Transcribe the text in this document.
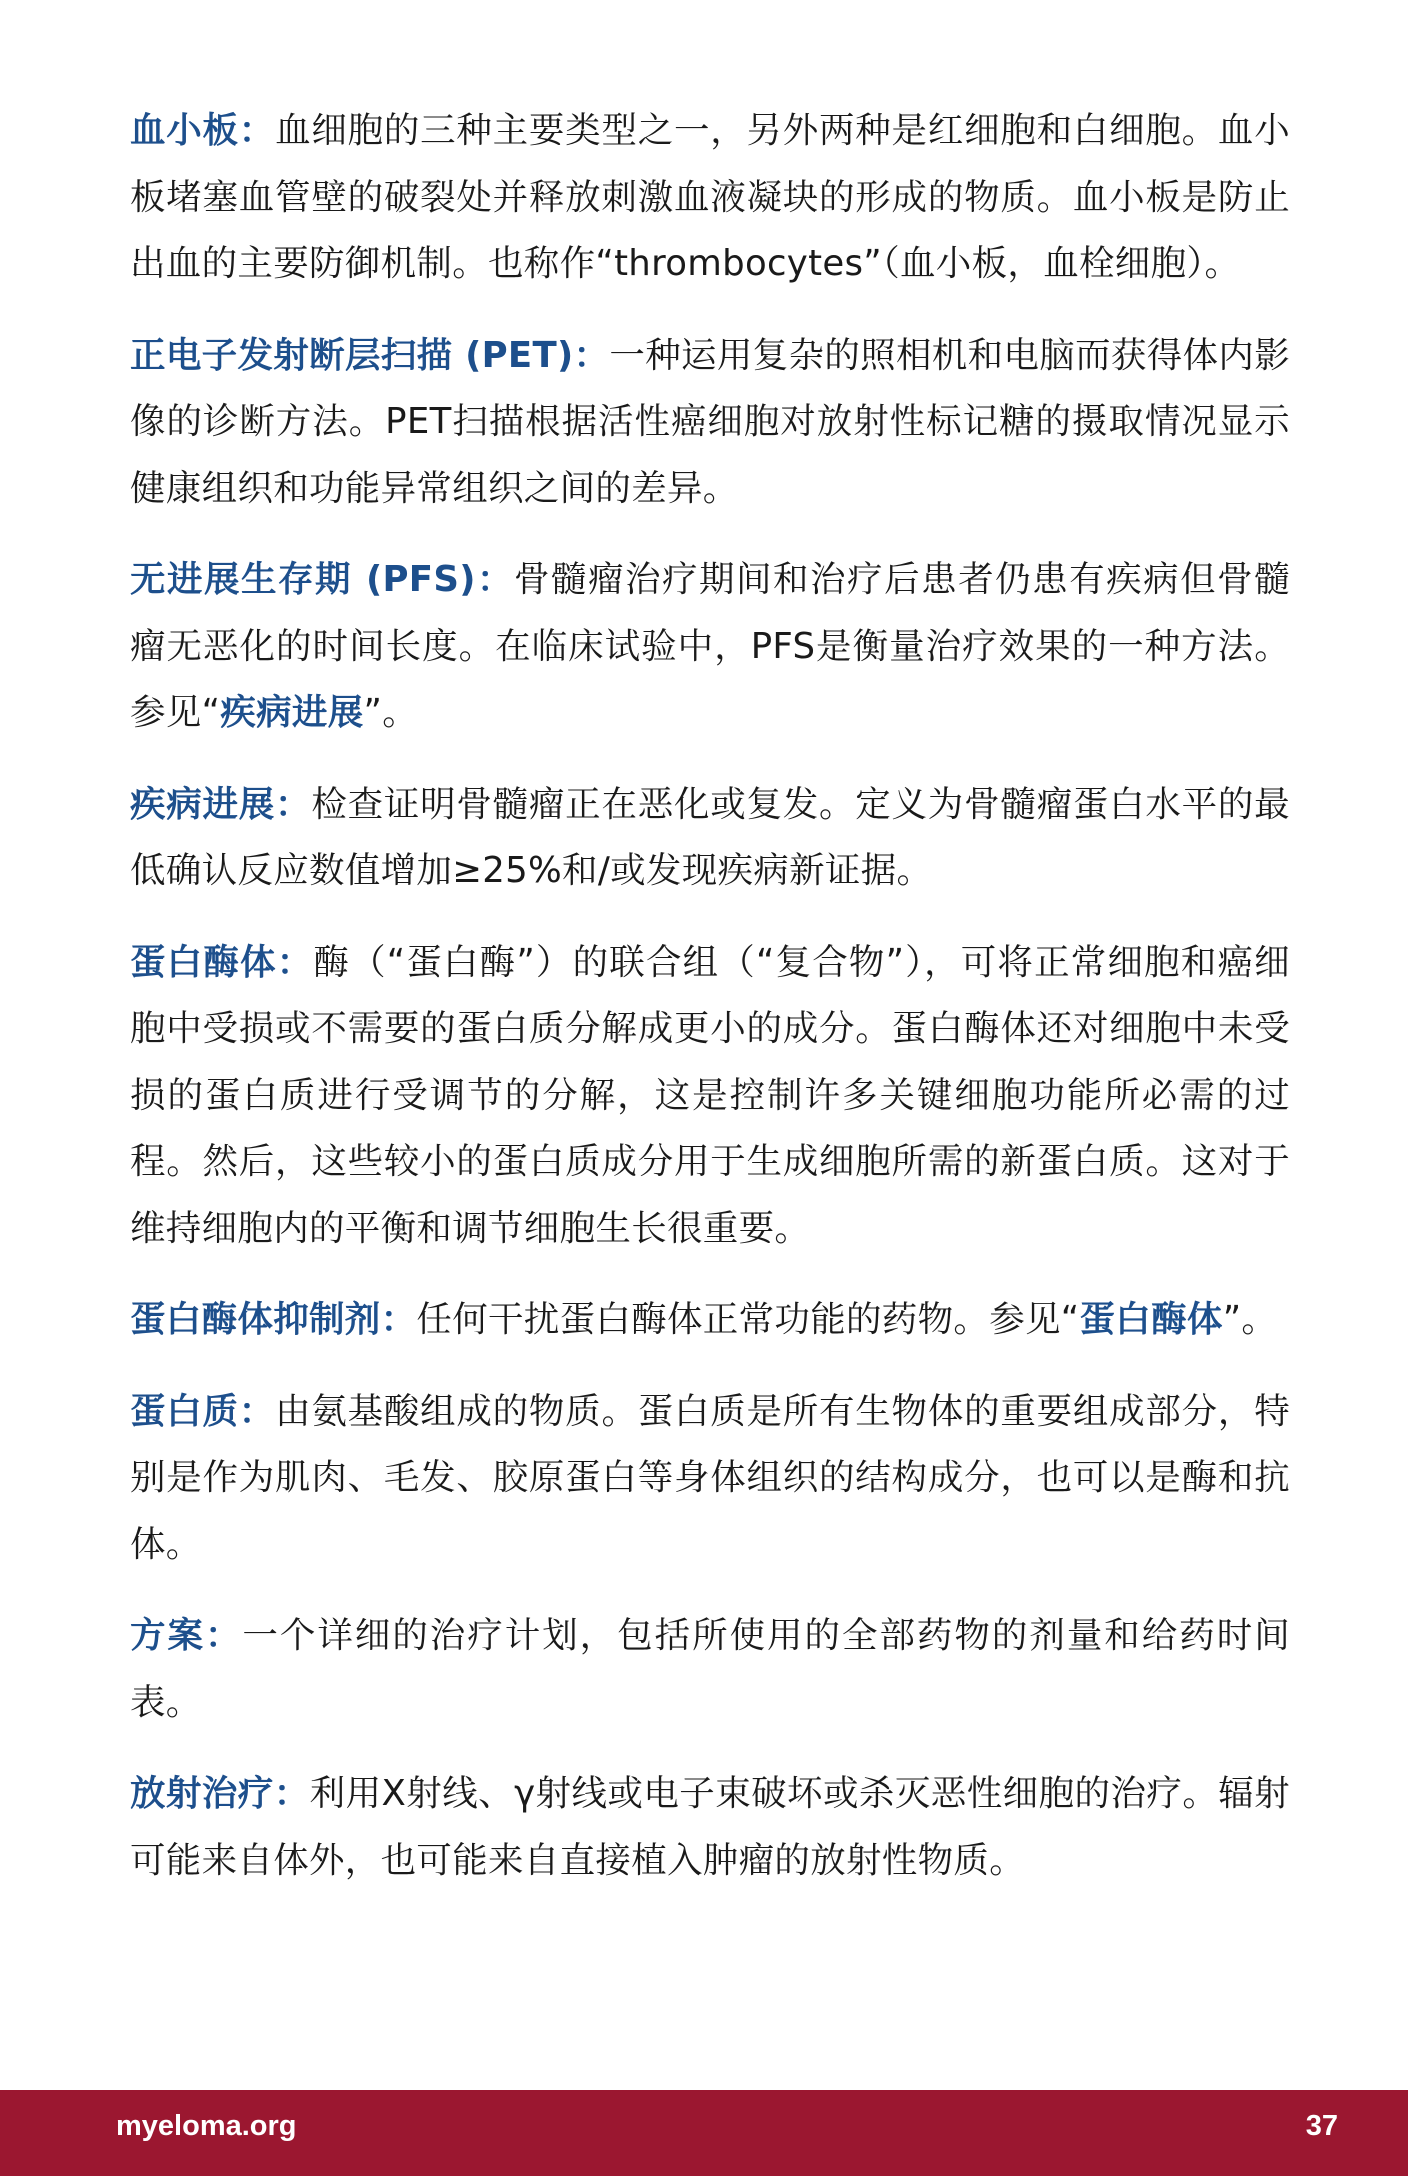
血小板：血细胞的三种主要类型之一，另外两种是红细胞和白细胞。血小板堵塞血管壁的破裂处并释放刺激血液凝块的形成的物质。血小板是防止出血的主要防御机制。也称作“thrombocytes”（血小板，血栓细胞）。

正电子发射断层扫描 (PET)：一种运用复杂的照相机和电脑而获得体内影像的诊断方法。PET扫描根据活性癌细胞对放射性标记糖的摄取情况显示健康组织和功能异常组织之间的差异。

无进展生存期 (PFS)：骨髓瘤治疗期间和治疗后患者仍患有疾病但骨髓瘤无恶化的时间长度。在临床试验中，PFS是衡量治疗效果的一种方法。参见“疾病进展”。

疾病进展：检查证明骨髓瘤正在恶化或复发。定义为骨髓瘤蛋白水平的最低确认反应数值增加≥25%和/或发现疾病新证据。

蛋白酶体：酶（“蛋白酶”）的联合组（“复合物”），可将正常细胞和癌细胞中受损或不需要的蛋白质分解成更小的成分。蛋白酶体还对细胞中未受损的蛋白质进行受调节的分解，这是控制许多关键细胞功能所必需的过程。然后，这些较小的蛋白质成分用于生成细胞所需的新蛋白质。这对于维持细胞内的平衡和调节细胞生长很重要。

蛋白酶体抑制剂：任何干扰蛋白酶体正常功能的药物。参见“蛋白酶体”。

蛋白质：由氨基酸组成的物质。蛋白质是所有生物体的重要组成部分，特别是作为肌肉、毛发、胶原蛋白等身体组织的结构成分，也可以是酶和抗体。

方案：一个详细的治疗计划，包括所使用的全部药物的剂量和给药时间表。

放射治疗：利用X射线、γ射线或电子束破坏或杀灭恶性细胞的治疗。辐射可能来自体外，也可能来自直接植入肿瘤的放射性物质。

myeloma.org	37
